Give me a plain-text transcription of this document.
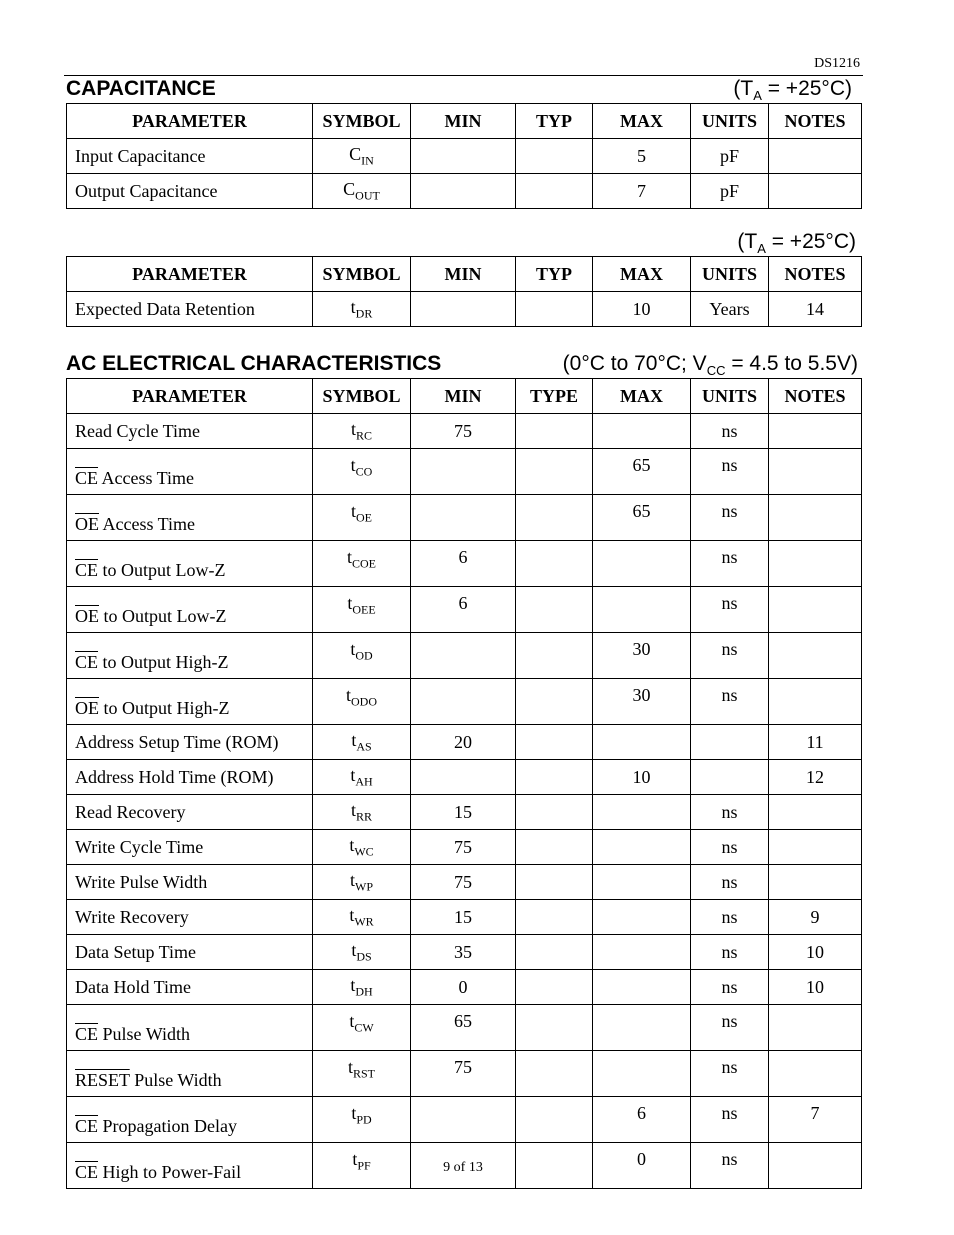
DS1216
CAPACITANCE	$(T_A = +25^\circ C)$
PARAMETER	SYMBOL	MIN	TYP	MAX	UNITS	NOTES
Input Capacitance	$C_{IN}$			5	pF	
Output Capacitance	$C_{OUT}$			7	pF	
$(T_A = +25^\circ C)$
PARAMETER	SYMBOL	MIN	TYP	MAX	UNITS	NOTES
Expected Data Retention	$t_{DR}$			10	Years	14
AC ELECTRICAL CHARACTERISTICS	(0°C to 70°C; $V_{CC} = 4.5$ to 5.5V)
PARAMETER	SYMBOL	MIN	TYPE	MAX	UNITS	NOTES
Read Cycle Time	$t_{RC}$	75			ns	
$\overline{CE}$ Access Time	$t_{CO}$			65	ns	
$\overline{OE}$ Access Time	$t_{OE}$			65	ns	
$\overline{CE}$ to Output Low-Z	$t_{COE}$	6			ns	
$\overline{OE}$ to Output Low-Z	$t_{OEE}$	6			ns	
$\overline{CE}$ to Output High-Z	$t_{OD}$			30	ns	
$\overline{OE}$ to Output High-Z	$t_{ODO}$			30	ns	
Address Setup Time (ROM)	$t_{AS}$	20				11
Address Hold Time (ROM)	$t_{AH}$			10		12
Read Recovery	$t_{RR}$	15			ns	
Write Cycle Time	$t_{WC}$	75			ns	
Write Pulse Width	$t_{WP}$	75			ns	
Write Recovery	$t_{WR}$	15			ns	9
Data Setup Time	$t_{DS}$	35			ns	10
Data Hold Time	$t_{DH}$	0			ns	10
$\overline{CE}$ Pulse Width	$t_{CW}$	65			ns	
RESET Pulse Width	$t_{RST}$	75			ns	
$\overline{CE}$ Propagation Delay	$t_{PD}$			6	ns	7
$\overline{CE}$ High to Power-Fail	$t_{PF}$			0	ns	
9 of 13
